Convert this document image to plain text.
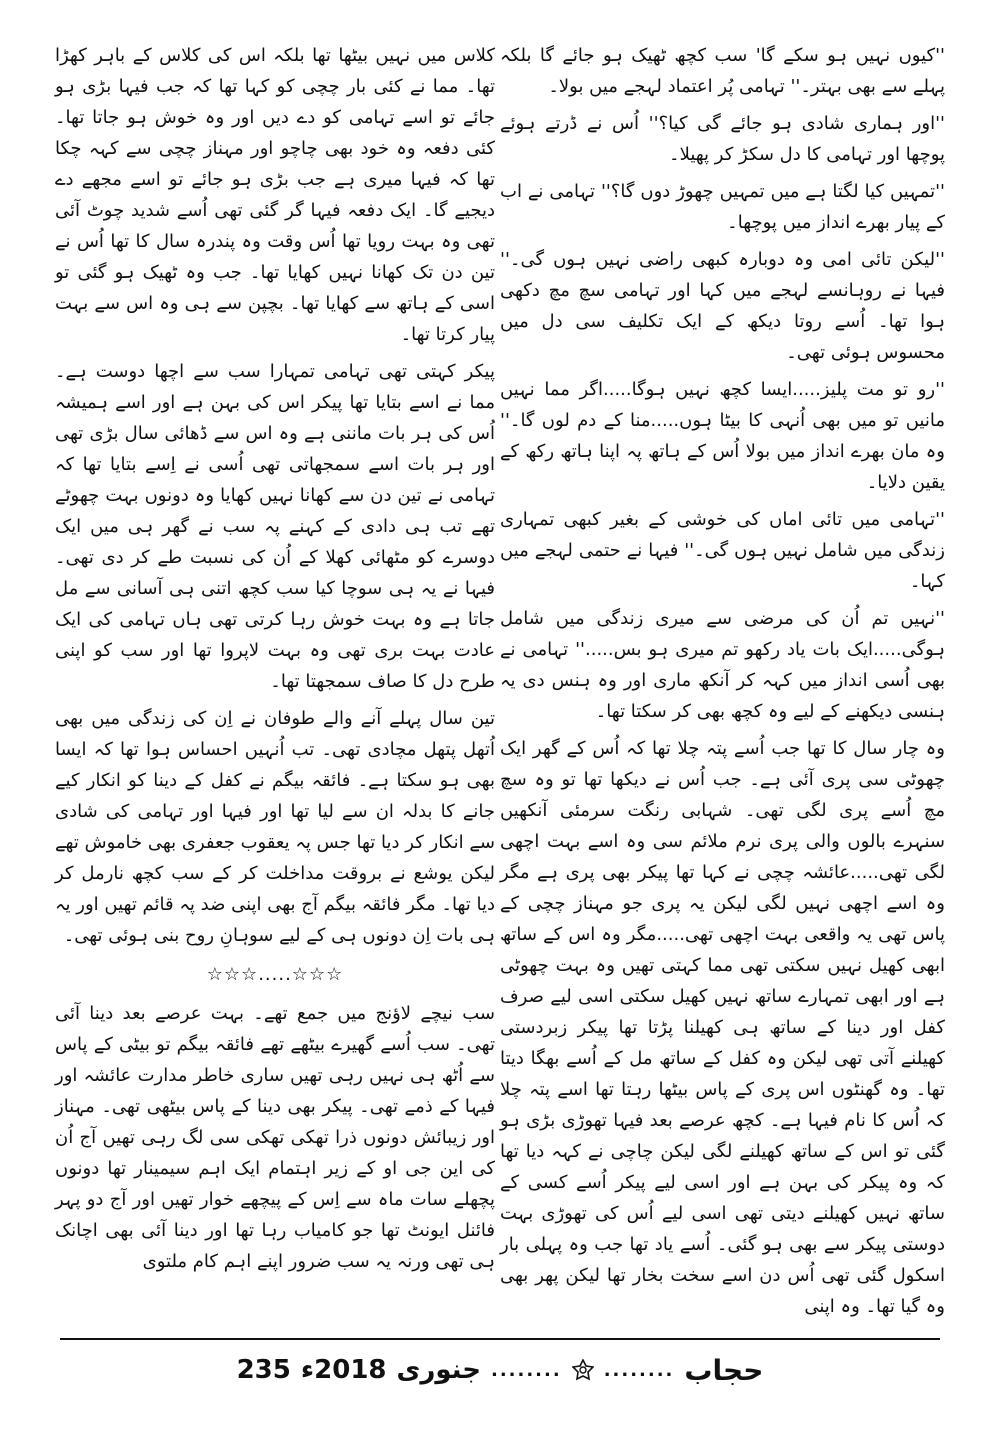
''کیوں نہیں ہو سکے گا' سب کچھ ٹھیک ہو جائے گا بلکہ پہلے سے بھی بہتر۔'' تہامی پُر اعتماد لہجے میں بولا۔

''اور ہماری شادی ہو جائے گی کیا؟'' اُس نے ڈرتے ہوئے پوچھا اور تہامی کا دل سکڑ کر پھیلا۔

''تمہیں کیا لگتا ہے میں تمہیں چھوڑ دوں گا؟'' تہامی نے اب کے پیار بھرے انداز میں پوچھا۔

''لیکن تائی امی وہ دوبارہ کبھی راضی نہیں ہوں گی۔'' فیہا نے روہانسے لہجے میں کہا اور تہامی سچ مچ دکھی ہوا تھا۔ اُسے روتا دیکھ کے ایک تکلیف سی دل میں محسوس ہوئی تھی۔

''رو تو مت پلیز.....ایسا کچھ نہیں ہوگا.....اگر مما نہیں مانیں تو میں بھی اُنہی کا بیٹا ہوں.....منا کے دم لوں گا۔'' وہ مان بھرے انداز میں بولا اُس کے ہاتھ پہ اپنا ہاتھ رکھ کے یقین دلایا۔

''تہامی میں تائی اماں کی خوشی کے بغیر کبھی تمہاری زندگی میں شامل نہیں ہوں گی۔'' فیہا نے حتمی لہجے میں کہا۔

''نہیں تم اُن کی مرضی سے میری زندگی میں شامل ہوگی.....ایک بات یاد رکھو تم میری ہو بس.....'' تہامی نے بھی اُسی انداز میں کہہ کر آنکھ ماری اور وہ ہنس دی یہ ہنسی دیکھنے کے لیے وہ کچھ بھی کر سکتا تھا۔

وہ چار سال کا تھا جب اُسے پتہ چلا تھا کہ اُس کے گھر ایک چھوٹی سی پری آئی ہے۔ جب اُس نے دیکھا تھا تو وہ سچ مچ اُسے پری لگی تھی۔ شہابی رنگت سرمئی آنکھیں سنہرے بالوں والی پری نرم ملائم سی وہ اسے بہت اچھی لگی تھی.....عائشہ چچی نے کہا تھا پیکر بھی پری ہے مگر وہ اسے اچھی نہیں لگی لیکن یہ پری جو مہناز چچی کے پاس تھی یہ واقعی بہت اچھی تھی.....مگر وہ اس کے ساتھ ابھی کھیل نہیں سکتی تھی مما کہتی تھیں وہ بہت چھوٹی ہے اور ابھی تمہارے ساتھ نہیں کھیل سکتی اسی لیے صرف کفل اور دینا کے ساتھ ہی کھیلنا پڑتا تھا پیکر زبردستی کھیلنے آتی تھی لیکن وہ کفل کے ساتھ مل کے اُسے بھگا دیتا تھا۔ وہ گھنٹوں اس پری کے پاس بیٹھا رہتا تھا اسے پتہ چلا کہ اُس کا نام فیہا ہے۔ کچھ عرصے بعد فیہا تھوڑی بڑی ہو گئی تو اس کے ساتھ کھیلنے لگی لیکن چاچی نے کہہ دیا تھا کہ وہ پیکر کی بہن ہے اور اسی لیے پیکر اُسے کسی کے ساتھ نہیں کھیلنے دیتی تھی اسی لیے اُس کی تھوڑی بہت دوستی پیکر سے بھی ہو گئی۔ اُسے یاد تھا جب وہ پہلی بار اسکول گئی تھی اُس دن اسے سخت بخار تھا لیکن پھر بھی وہ گیا تھا۔ وہ اپنی

کلاس میں نہیں بیٹھا تھا بلکہ اس کی کلاس کے باہر کھڑا تھا۔ مما نے کئی بار چچی کو کہا تھا کہ جب فیہا بڑی ہو جائے تو اسے تہامی کو دے دیں اور وہ خوش ہو جاتا تھا۔ کئی دفعہ وہ خود بھی چاچو اور مہناز چچی سے کہہ چکا تھا کہ فیہا میری ہے جب بڑی ہو جائے تو اسے مجھے دے دیجیے گا۔ ایک دفعہ فیہا گر گئی تھی اُسے شدید چوٹ آئی تھی وہ بہت رویا تھا اُس وقت وہ پندرہ سال کا تھا اُس نے تین دن تک کھانا نہیں کھایا تھا۔ جب وہ ٹھیک ہو گئی تو اسی کے ہاتھ سے کھایا تھا۔ بچپن سے ہی وہ اس سے بہت پیار کرتا تھا۔

پیکر کہتی تھی تہامی تمہارا سب سے اچھا دوست ہے۔ مما نے اسے بتایا تھا پیکر اس کی بہن ہے اور اسے ہمیشہ اُس کی ہر بات ماننی ہے وہ اس سے ڈھائی سال بڑی تھی اور ہر بات اسے سمجھاتی تھی اُسی نے اِسے بتایا تھا کہ تہامی نے تین دن سے کھانا نہیں کھایا وہ دونوں بہت چھوٹے تھے تب ہی دادی کے کہنے پہ سب نے گھر ہی میں ایک دوسرے کو مٹھائی کھلا کے اُن کی نسبت طے کر دی تھی۔ فیہا نے یہ ہی سوچا کیا سب کچھ اتنی ہی آسانی سے مل جاتا ہے وہ بہت خوش رہا کرتی تھی ہاں تہامی کی ایک عادت بہت بری تھی وہ بہت لاپروا تھا اور سب کو اپنی طرح دل کا صاف سمجھتا تھا۔

تین سال پہلے آنے والے طوفان نے اِن کی زندگی میں بھی اُتھل پتھل مچادی تھی۔ تب اُنہیں احساس ہوا تھا کہ ایسا بھی ہو سکتا ہے۔ فائقہ بیگم نے کفل کے دینا کو انکار کیے جانے کا بدلہ ان سے لیا تھا اور فیہا اور تہامی کی شادی سے انکار کر دیا تھا جس پہ یعقوب جعفری بھی خاموش تھے لیکن یوشع نے بروقت مداخلت کر کے سب کچھ نارمل کر دیا تھا۔ مگر فائقہ بیگم آج بھی اپنی ضد پہ قائم تھیں اور یہ ہی بات اِن دونوں ہی کے لیے سوہانِ روح بنی ہوئی تھی۔

☆☆☆.....☆☆☆

سب نیچے لاؤنج میں جمع تھے۔ بہت عرصے بعد دینا آئی تھی۔ سب اُسے گھیرے بیٹھے تھے فائقہ بیگم تو بیٹی کے پاس سے اُٹھ ہی نہیں رہی تھیں ساری خاطر مدارت عائشہ اور فیہا کے ذمے تھی۔ پیکر بھی دینا کے پاس بیٹھی تھی۔ مہناز اور زیبائش دونوں ذرا تھکی تھکی سی لگ رہی تھیں آج اُن کی این جی او کے زیر اہتمام ایک اہم سیمینار تھا دونوں پچھلے سات ماہ سے اِس کے پیچھے خوار تھیں اور آج دو پہر فائنل ایونٹ تھا جو کامیاب رہا تھا اور دینا آئی بھی اچانک ہی تھی ورنہ یہ سب ضرور اپنے اہم کام ملتوی

235 2018ء جنوری ........ ........ حجاب
